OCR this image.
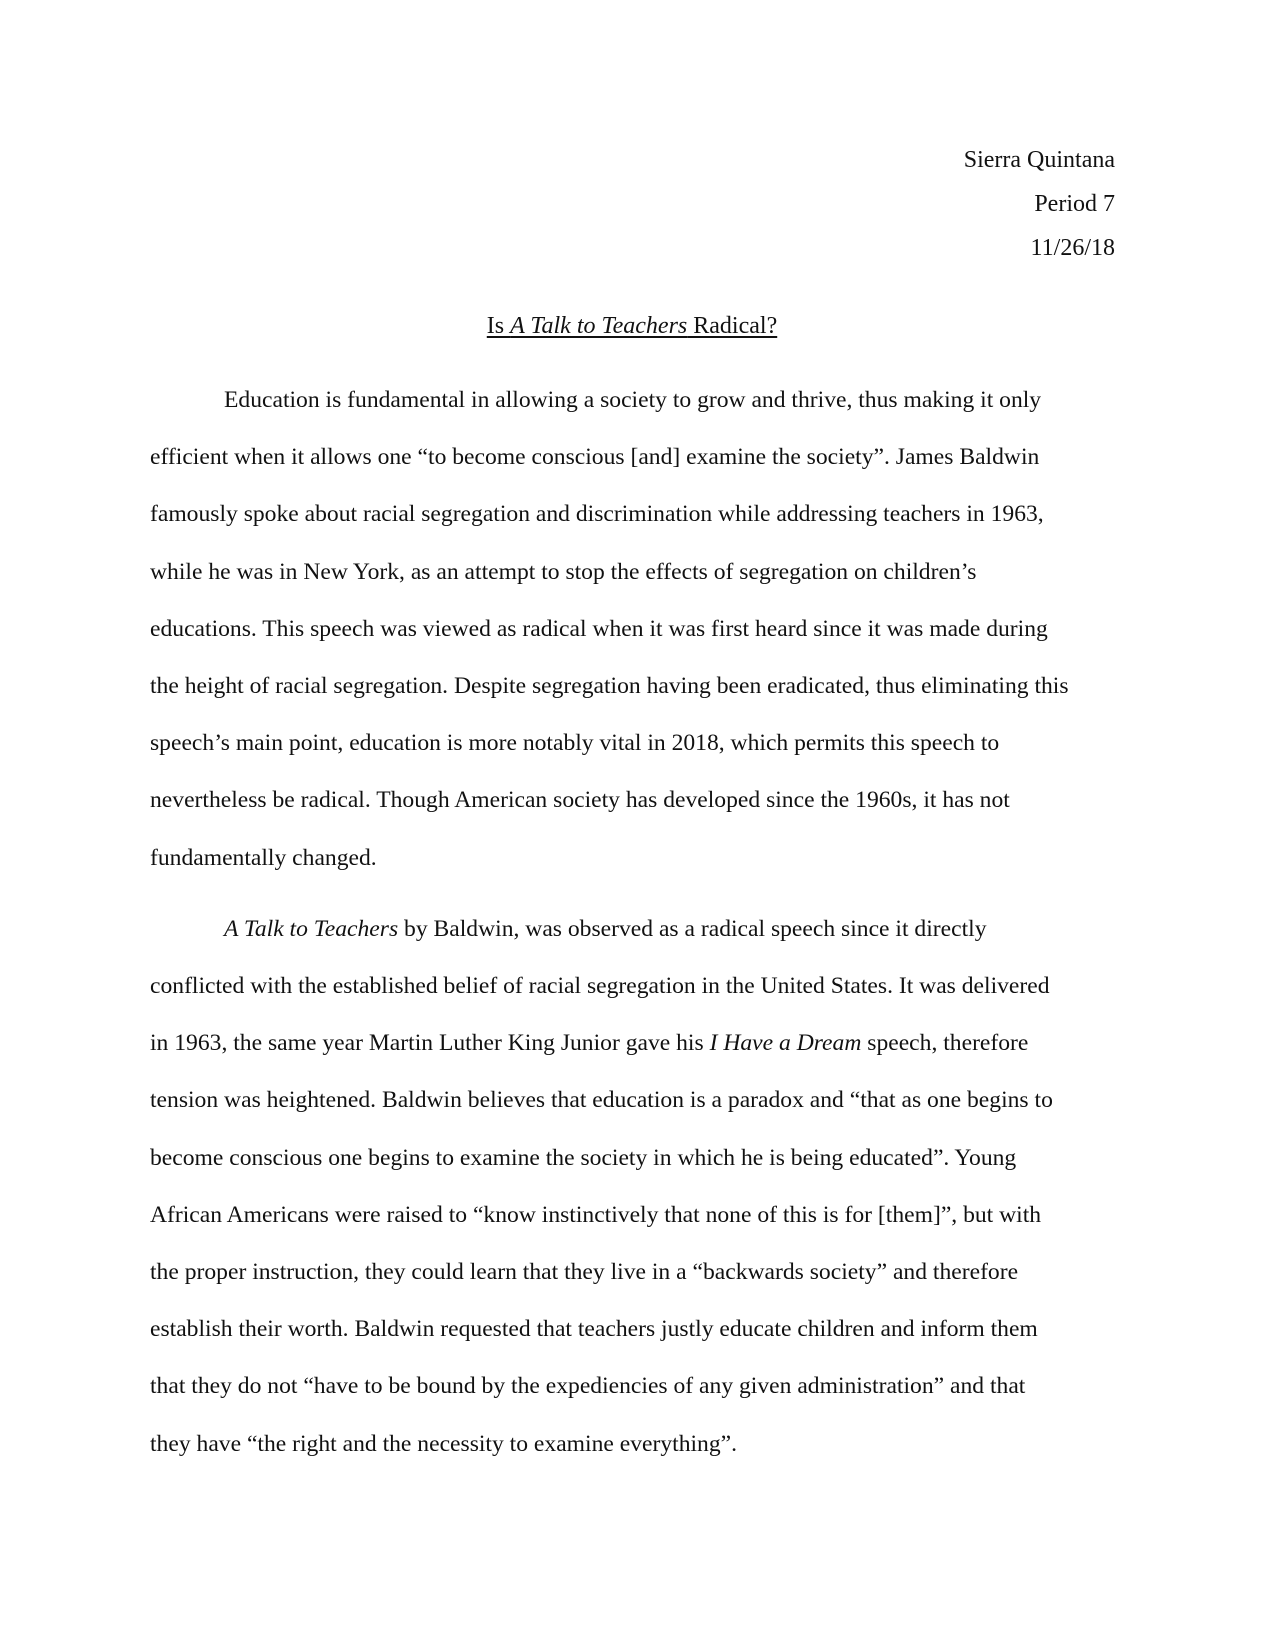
Sierra Quintana
Period 7
11/26/18
Is A Talk to Teachers Radical?
Education is fundamental in allowing a society to grow and thrive, thus making it only
efficient when it allows one “to become conscious [and] examine the society”. James Baldwin
famously spoke about racial segregation and discrimination while addressing teachers in 1963,
while he was in New York, as an attempt to stop the effects of segregation on children’s
educations. This speech was viewed as radical when it was first heard since it was made during
the height of racial segregation. Despite segregation having been eradicated, thus eliminating this
speech’s main point, education is more notably vital in 2018, which permits this speech to
nevertheless be radical. Though American society has developed since the 1960s, it has not
fundamentally changed.
A Talk to Teachers by Baldwin, was observed as a radical speech since it directly
conflicted with the established belief of racial segregation in the United States. It was delivered
in 1963, the same year Martin Luther King Junior gave his I Have a Dream speech, therefore
tension was heightened. Baldwin believes that education is a paradox and “that as one begins to
become conscious one begins to examine the society in which he is being educated”. Young
African Americans were raised to “know instinctively that none of this is for [them]”, but with
the proper instruction, they could learn that they live in a “backwards society” and therefore
establish their worth. Baldwin requested that teachers justly educate children and inform them
that they do not “have to be bound by the expediencies of any given administration” and that
they have “the right and the necessity to examine everything”.
